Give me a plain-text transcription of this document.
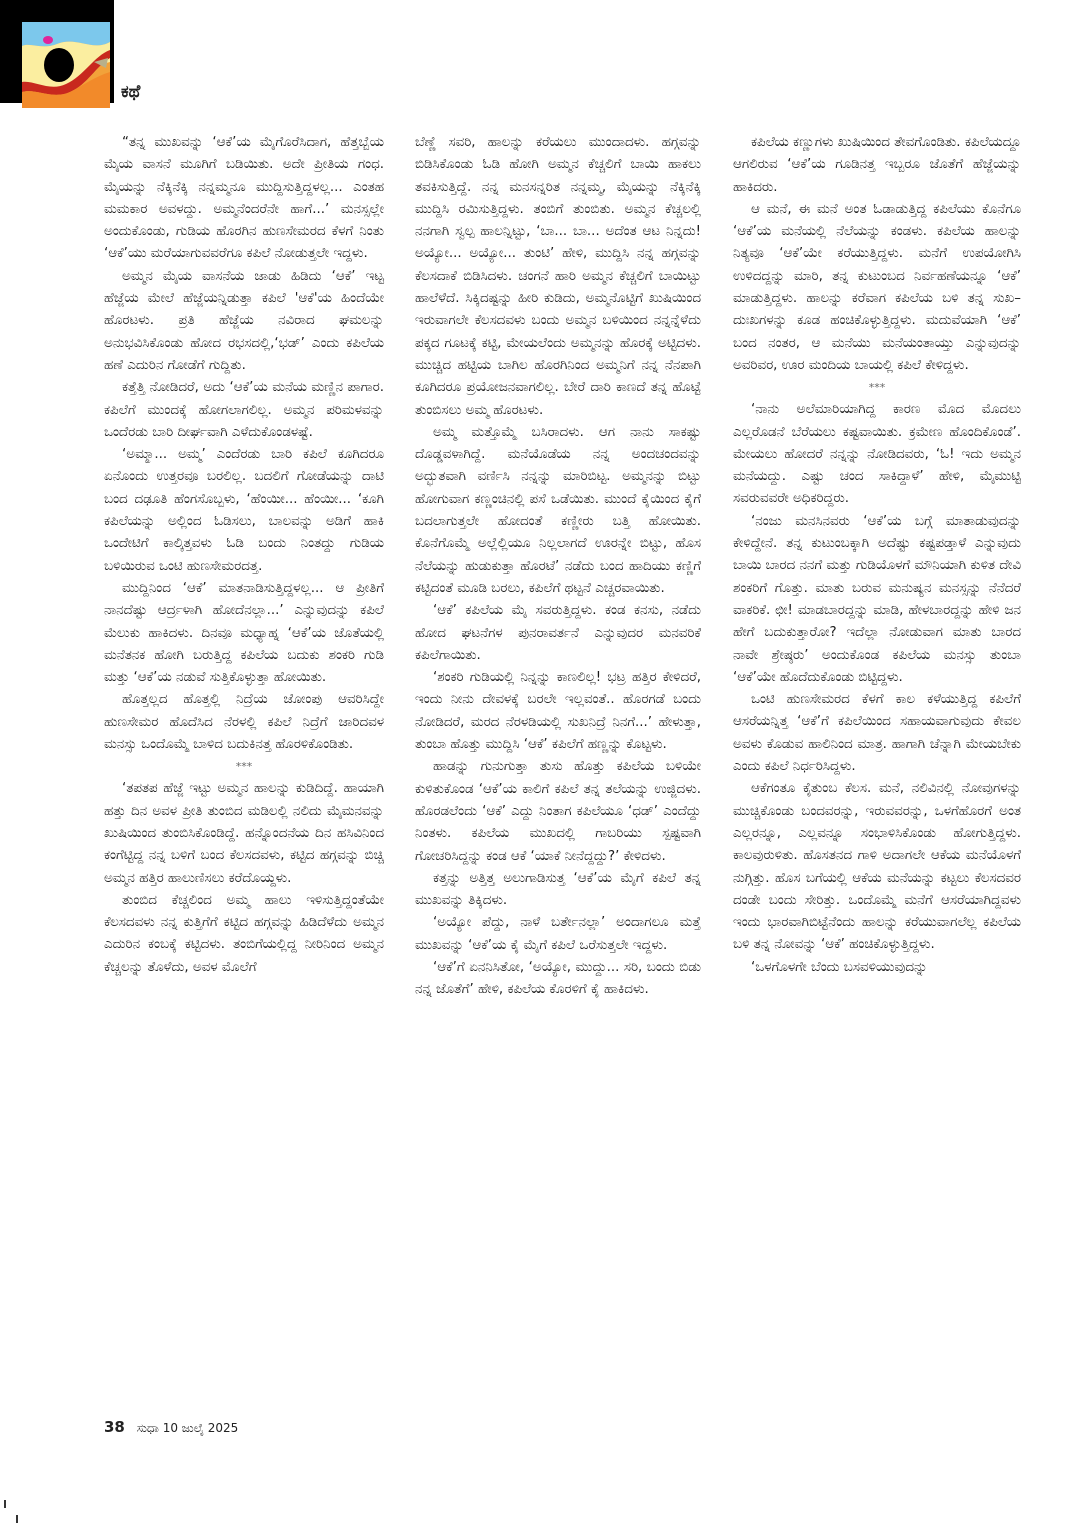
ಕಥೆ

“ತನ್ನ ಮುಖವನ್ನು ‘ಆಕೆ’ಯ ಮೈಗೊರೆಸಿದಾಗ, ಹೆತ್ತಬ್ಬೆಯ ಮೈಯ ವಾಸನೆ ಮೂಗಿಗೆ ಬಡಿಯಿತು. ಅದೇ ಪ್ರೀತಿಯ ಗಂಧ. ಮೈಯನ್ನು ನೆಕ್ಕಿನೆಕ್ಕಿ ನನ್ನಮ್ಮನೂ ಮುದ್ದಿಸುತ್ತಿದ್ದಳಲ್ಲ... ಎಂತಹ ಮಮಕಾರ ಅವಳದ್ದು. ಅಮ್ಮನೆಂದರೆನೇ ಹಾಗೆ...’ ಮನಸ್ಸಲ್ಲೇ ಅಂದುಕೊಂಡು, ಗುಡಿಯ ಹೊರಗಿನ ಹುಣಸೇಮರದ ಕೆಳಗೆ ನಿಂತು ‘ಆಕೆ’ಯು ಮರೆಯಾಗುವವರೆಗೂ ಕಪಿಲೆ ನೋಡುತ್ತಲೇ ಇದ್ದಳು.

ಅಮ್ಮನ ಮೈಯ ವಾಸನೆಯ ಜಾಡು ಹಿಡಿದು ‘ಆಕೆ’ ಇಟ್ಟ ಹೆಜ್ಜೆಯ ಮೇಲೆ ಹೆಜ್ಜೆಯನ್ನಿಡುತ್ತಾ ಕಪಿಲೆ 'ಆಕೆ'ಯ ಹಿಂದೆಯೇ ಹೊರಟಳು. ಪ್ರತಿ ಹೆಜ್ಜೆಯ ನವಿರಾದ ಘಮಲನ್ನು ಅನುಭವಿಸಿಕೊಂಡು ಹೋದ ರಭಸದಲ್ಲಿ,‘ಭಡ್’ ಎಂದು ಕಪಿಲೆಯ ಹಣೆ ಎದುರಿನ ಗೋಡೆಗೆ ಗುದ್ದಿತು.

ಕತ್ತೆತ್ತಿ ನೋಡಿದರೆ, ಅದು ‘ಆಕೆ’ಯ ಮನೆಯ ಮಣ್ಣಿನ ಪಾಗಾರ. ಕಪಿಲೆಗೆ ಮುಂದಕ್ಕೆ ಹೋಗಲಾಗಲಿಲ್ಲ. ಅಮ್ಮನ ಪರಿಮಳವನ್ನು ಒಂದೆರಡು ಬಾರಿ ದೀರ್ಘವಾಗಿ ಎಳೆದುಕೊಂಡಳಷ್ಟೆ.

‘ಅಮ್ಮಾ... ಅಮ್ಮ’ ಎಂದೆರಡು ಬಾರಿ ಕಪಿಲೆ ಕೂಗಿದರೂ ಏನೊಂದು ಉತ್ತರವೂ ಬರಲಿಲ್ಲ. ಬದಲಿಗೆ ಗೋಡೆಯನ್ನು ದಾಟಿ ಬಂದ ದಢೂತಿ ಹೆಂಗಸೊಬ್ಬಳು, ‘ಹೆಂಯೀ... ಹೆಂಯೀ... ‘ಕೂಗಿ ಕಪಿಲೆಯನ್ನು ಅಲ್ಲಿಂದ ಓಡಿಸಲು, ಬಾಲವನ್ನು ಅಡಿಗೆ ಹಾಕಿ ಒಂದೇಟಿಗೆ ಕಾಲ್ಕಿತ್ತವಳು ಓಡಿ ಬಂದು ನಿಂತದ್ದು ಗುಡಿಯ ಬಳಿಯಿರುವ ಒಂಟಿ ಹುಣಸೇಮರದತ್ತ.

ಮುದ್ದಿನಿಂದ ‘ಆಕೆ’ ಮಾತನಾಡಿಸುತ್ತಿದ್ದಳಲ್ಲ... ಆ ಪ್ರೀತಿಗೆ ನಾನದೆಷ್ಟು ಆರ್ದ್ರಳಾಗಿ ಹೋದೆನಲ್ಲಾ...’ ಎನ್ನುವುದನ್ನು ಕಪಿಲೆ ಮೆಲುಕು ಹಾಕಿದಳು. ದಿನವೂ ಮಧ್ಯಾಹ್ನ ‘ಆಕೆ’ಯ ಜೊತೆಯಲ್ಲಿ ಮನೆತನಕ ಹೋಗಿ ಬರುತ್ತಿದ್ದ ಕಪಿಲೆಯ ಬದುಕು ಶಂಕರಿ ಗುಡಿ ಮತ್ತು ‘ಆಕೆ’ಯ ನಡುವೆ ಸುತ್ತಿಕೊಳ್ಳುತ್ತಾ ಹೋಯಿತು.

ಹೊತ್ತಲ್ಲದ ಹೊತ್ತಲ್ಲಿ ನಿದ್ರೆಯ ಜೋಂಪು ಆವರಿಸಿದ್ದೇ ಹುಣಸೇಮರ ಹೊದೆಸಿದ ನೆರಳಲ್ಲಿ ಕಪಿಲೆ ನಿದ್ರೆಗೆ ಜಾರಿದವಳ ಮನಸ್ಸು ಒಂದೊಮ್ಮೆ ಬಾಳಿದ ಬದುಕಿನತ್ತ ಹೊರಳಿಕೊಂಡಿತು.

***

‘ತಪತಪ ಹೆಜ್ಜೆ ಇಟ್ಟು ಅಮ್ಮನ ಹಾಲನ್ನು ಕುಡಿದಿದ್ದೆ. ಹಾಯಾಗಿ ಹತ್ತು ದಿನ ಅವಳ ಪ್ರೀತಿ ತುಂಬಿದ ಮಡಿಲಲ್ಲಿ ನಲಿದು ಮೈಮನವನ್ನು ಖುಷಿಯಿಂದ ತುಂಬಿಸಿಕೊಂಡಿದ್ದೆ. ಹನ್ನೊಂದನೆಯ ದಿನ ಹಸಿವಿನಿಂದ ಕಂಗೆಟ್ಟಿದ್ದ ನನ್ನ ಬಳಿಗೆ ಬಂದ ಕೆಲಸದವಳು, ಕಟ್ಟಿದ ಹಗ್ಗವನ್ನು ಬಿಚ್ಚಿ ಅಮ್ಮನ ಹತ್ತಿರ ಹಾಲುಣಿಸಲು ಕರೆದೊಯ್ದಳು.

ತುಂಬಿದ ಕೆಚ್ಚಲಿಂದ ಅಮ್ಮ ಹಾಲು ಇಳಿಸುತ್ತಿದ್ದಂತೆಯೇ ಕೆಲಸದವಳು ನನ್ನ ಕುತ್ತಿಗೆಗೆ ಕಟ್ಟಿದ ಹಗ್ಗವನ್ನು ಹಿಡಿದೆಳೆದು ಅಮ್ಮನ ಎದುರಿನ ಕಂಬಕ್ಕೆ ಕಟ್ಟಿದಳು. ತಂಬಿಗೆಯಲ್ಲಿದ್ದ ನೀರಿನಿಂದ ಅಮ್ಮನ ಕೆಚ್ಚಲನ್ನು ತೊಳೆದು, ಅವಳ ಮೊಲೆಗೆ

ಬೆಣ್ಣೆ ಸವರಿ, ಹಾಲನ್ನು ಕರೆಯಲು ಮುಂದಾದಳು. ಹಗ್ಗವನ್ನು ಬಿಡಿಸಿಕೊಂಡು ಓಡಿ ಹೋಗಿ ಅಮ್ಮನ ಕೆಚ್ಚಲಿಗೆ ಬಾಯಿ ಹಾಕಲು ತವಕಿಸುತ್ತಿದ್ದೆ. ನನ್ನ ಮನಸನ್ನರಿತ ನನ್ನಮ್ಮ, ಮೈಯನ್ನು ನೆಕ್ಕಿನೆಕ್ಕಿ ಮುದ್ದಿಸಿ ರಮಿಸುತ್ತಿದ್ದಳು. ತಂಬಿಗೆ ತುಂಬಿತು. ಅಮ್ಮನ ಕೆಚ್ಚಲಲ್ಲಿ ನನಗಾಗಿ ಸ್ವಲ್ಪ ಹಾಲನ್ನಿಟ್ಟು, ‘ಬಾ... ಬಾ... ಅದೆಂತ ಆಟ ನಿನ್ನದು! ಅಯ್ಯೋ... ಅಯ್ಯೋ... ತುಂಟಿ’ ಹೇಳಿ, ಮುದ್ದಿಸಿ ನನ್ನ ಹಗ್ಗವನ್ನು ಕೆಲಸದಾಕೆ ಬಿಡಿಸಿದಳು. ಚಂಗನೆ ಹಾರಿ ಅಮ್ಮನ ಕೆಚ್ಚಲಿಗೆ ಬಾಯಿಟ್ಟು ಹಾಲೆಳೆದೆ. ಸಿಕ್ಕಿದಷ್ಟನ್ನು ಹೀರಿ ಕುಡಿದು, ಅಮ್ಮನೊಟ್ಟಿಗೆ ಖುಷಿಯಿಂದ ಇರುವಾಗಲೇ ಕೆಲಸದವಳು ಬಂದು ಅಮ್ಮನ ಬಳಿಯಿಂದ ನನ್ನನ್ನೆಳೆದು ಪಕ್ಕದ ಗೂಟಕ್ಕೆ ಕಟ್ಟಿ, ಮೇಯಲೆಂದು ಅಮ್ಮನನ್ನು ಹೊರಕ್ಕೆ ಅಟ್ಟಿದಳು. ಮುಚ್ಚಿದ ಹಟ್ಟಿಯ ಬಾಗಿಲ ಹೊರಗಿನಿಂದ ಅಮ್ಮನಿಗೆ ನನ್ನ ನೆನಪಾಗಿ ಕೂಗಿದರೂ ಪ್ರಯೋಜನವಾಗಲಿಲ್ಲ. ಬೇರೆ ದಾರಿ ಕಾಣದೆ ತನ್ನ ಹೊಟ್ಟೆ ತುಂಬಿಸಲು ಅಮ್ಮ ಹೊರಟಳು.

ಅಮ್ಮ ಮತ್ತೊಮ್ಮೆ ಬಸಿರಾದಳು. ಆಗ ನಾನು ಸಾಕಷ್ಟು ದೊಡ್ಡವಳಾಗಿದ್ದೆ. ಮನೆಯೊಡೆಯ ನನ್ನ ಅಂದಚಂದವನ್ನು ಅದ್ಭುತವಾಗಿ ವರ್ಣಿಸಿ ನನ್ನನ್ನು ಮಾರಿಬಿಟ್ಟ. ಅಮ್ಮನನ್ನು ಬಿಟ್ಟು ಹೋಗುವಾಗ ಕಣ್ಣಂಚಿನಲ್ಲಿ ಪಸೆ ಒಡೆಯಿತು. ಮುಂದೆ ಕೈಯಿಂದ ಕೈಗೆ ಬದಲಾಗುತ್ತಲೇ ಹೋದಂತೆ ಕಣ್ಣೀರು ಬತ್ತಿ ಹೋಯಿತು. ಕೊನೆಗೊಮ್ಮೆ ಅಲ್ಲೆಲ್ಲಿಯೂ ನಿಲ್ಲಲಾಗದೆ ಊರನ್ನೇ ಬಿಟ್ಟು, ಹೊಸ ನೆಲೆಯನ್ನು ಹುಡುಕುತ್ತಾ ಹೊರಟೆ’ ನಡೆದು ಬಂದ ಹಾದಿಯು ಕಣ್ಣಿಗೆ ಕಟ್ಟಿದಂತೆ ಮೂಡಿ ಬರಲು, ಕಪಿಲೆಗೆ ಥಟ್ಟನೆ ಎಚ್ಚರವಾಯಿತು.

‘ಆಕೆ’ ಕಪಿಲೆಯ ಮೈ ಸವರುತ್ತಿದ್ದಳು. ಕಂಡ ಕನಸು, ನಡೆದು ಹೋದ ಘಟನೆಗಳ ಪುನರಾವರ್ತನೆ ಎನ್ನುವುದರ ಮನವರಿಕೆ ಕಪಿಲೆಗಾಯಿತು.

‘ಶಂಕರಿ ಗುಡಿಯಲ್ಲಿ ನಿನ್ನನ್ನು ಕಾಣಲಿಲ್ಲ! ಭಟ್ರ ಹತ್ತಿರ ಕೇಳಿದರೆ, ಇಂದು ನೀನು ದೇವಳಕ್ಕೆ ಬರಲೇ ಇಲ್ಲವಂತೆ.. ಹೊರಗಡೆ ಬಂದು ನೋಡಿದರೆ, ಮರದ ನೆರಳಡಿಯಲ್ಲಿ ಸುಖನಿದ್ರೆ ನಿನಗೆ...’ ಹೇಳುತ್ತಾ, ತುಂಬಾ ಹೊತ್ತು ಮುದ್ದಿಸಿ ‘ಆಕೆ’ ಕಪಿಲೆಗೆ ಹಣ್ಣನ್ನು ಕೊಟ್ಟಳು.

ಹಾಡನ್ನು ಗುನುಗುತ್ತಾ ತುಸು ಹೊತ್ತು ಕಪಿಲೆಯ ಬಳಿಯೇ ಕುಳಿತುಕೊಂಡ ‘ಆಕೆ’ಯ ಕಾಲಿಗೆ ಕಪಿಲೆ ತನ್ನ ತಲೆಯನ್ನು ಉಜ್ಜಿದಳು. ಹೊರಡಲೆಂದು ‘ಆಕೆ’ ಎದ್ದು ನಿಂತಾಗ ಕಪಿಲೆಯೂ ‘ಧಡ್’ ಎಂದೆದ್ದು ನಿಂತಳು. ಕಪಿಲೆಯ ಮುಖದಲ್ಲಿ ಗಾಬರಿಯು ಸ್ಪಷ್ಟವಾಗಿ ಗೋಚರಿಸಿದ್ದನ್ನು ಕಂಡ ಆಕೆ ‘ಯಾಕೆ ನೀನೆದ್ದದ್ದು?’ ಕೇಳಿದಳು.

ಕತ್ತನ್ನು ಅತ್ತಿತ್ತ ಅಲುಗಾಡಿಸುತ್ತ ‘ಆಕೆ’ಯ ಮೈಗೆ ಕಪಿಲೆ ತನ್ನ ಮುಖವನ್ನು ತಿಕ್ಕಿದಳು.

‘ಅಯ್ಯೋ ಪೆದ್ದು, ನಾಳೆ ಬರ್ತೇನಲ್ಲಾ’ ಅಂದಾಗಲೂ ಮತ್ತೆ ಮುಖವನ್ನು ‘ಆಕೆ’ಯ ಕೈ ಮೈಗೆ ಕಪಿಲೆ ಒರೆಸುತ್ತಲೇ ಇದ್ದಳು.

‘ಆಕೆ’ಗೆ ಏನನಿಸಿತೋ, ‘ಅಯ್ಯೋ, ಮುದ್ದು... ಸರಿ, ಬಂದು ಬಿಡು ನನ್ನ ಜೊತೆಗೆ’ ಹೇಳಿ, ಕಪಿಲೆಯ ಕೊರಳಿಗೆ ಕೈ ಹಾಕಿದಳು.

ಕಪಿಲೆಯ ಕಣ್ಣುಗಳು ಖುಷಿಯಿಂದ ತೇವಗೊಂಡಿತು. ಕಪಿಲೆಯದ್ದೂ ಆಗಲಿರುವ ‘ಆಕೆ’ಯ ಗೂಡಿನತ್ತ ಇಬ್ಬರೂ ಜೊತೆಗೆ ಹೆಜ್ಜೆಯನ್ನು ಹಾಕಿದರು.

ಆ ಮನೆ, ಈ ಮನೆ ಅಂತ ಓಡಾಡುತ್ತಿದ್ದ ಕಪಿಲೆಯು ಕೊನೆಗೂ ‘ಆಕೆ’ಯ ಮನೆಯಲ್ಲಿ ನೆಲೆಯನ್ನು ಕಂಡಳು. ಕಪಿಲೆಯ ಹಾಲನ್ನು ನಿತ್ಯವೂ ‘ಆಕೆ’ಯೇ ಕರೆಯುತ್ತಿದ್ದಳು. ಮನೆಗೆ ಉಪಯೋಗಿಸಿ ಉಳಿದದ್ದನ್ನು ಮಾರಿ, ತನ್ನ ಕುಟುಂಬದ ನಿರ್ವಹಣೆಯನ್ನೂ ‘ಆಕೆ’ ಮಾಡುತ್ತಿದ್ದಳು. ಹಾಲನ್ನು ಕರೆವಾಗ ಕಪಿಲೆಯ ಬಳಿ ತನ್ನ ಸುಖ–ದುಃಖಗಳನ್ನು ಕೂಡ ಹಂಚಿಕೊಳ್ಳುತ್ತಿದ್ದಳು. ಮದುವೆಯಾಗಿ ‘ಆಕೆ’ ಬಂದ ನಂತರ, ಆ ಮನೆಯು ಮನೆಯಂತಾಯ್ತು ಎನ್ನುವುದನ್ನು ಅವರಿವರ, ಊರ ಮಂದಿಯ ಬಾಯಲ್ಲಿ ಕಪಿಲೆ ಕೇಳಿದ್ದಳು.

***

‘ನಾನು ಅಲೆಮಾರಿಯಾಗಿದ್ದ ಕಾರಣ ಮೊದ ಮೊದಲು ಎಲ್ಲರೊಡನೆ ಬೆರೆಯಲು ಕಷ್ಟವಾಯಿತು. ಕ್ರಮೇಣ ಹೊಂದಿಕೊಂಡೆ’. ಮೇಯಲು ಹೋದರೆ ನನ್ನನ್ನು ನೋಡಿದವರು, ‘ಓ! ಇದು ಅಮ್ಮನ ಮನೆಯದ್ದು. ಎಷ್ಟು ಚಂದ ಸಾಕಿದ್ದಾಳೆ’ ಹೇಳಿ, ಮೈಮುಟ್ಟಿ ಸವರುವವರೇ ಅಧಿಕರಿದ್ದರು.

‘ನಂಜು ಮನಸಿನವರು ‘ಆಕೆ’ಯ ಬಗ್ಗೆ ಮಾತಾಡುವುದನ್ನು ಕೇಳಿದ್ದೇನೆ. ತನ್ನ ಕುಟುಂಬಕ್ಕಾಗಿ ಅದೆಷ್ಟು ಕಷ್ಟಪಡ್ತಾಳೆ ಎನ್ನುವುದು ಬಾಯಿ ಬಾರದ ನನಗೆ ಮತ್ತು ಗುಡಿಯೊಳಗೆ ಮೌನಿಯಾಗಿ ಕುಳಿತ ದೇವಿ ಶಂಕರಿಗೆ ಗೊತ್ತು. ಮಾತು ಬರುವ ಮನುಷ್ಯನ ಮನಸ್ಸನ್ನು ನೆನೆದರೆ ವಾಕರಿಕೆ. ಛೀ! ಮಾಡಬಾರದ್ದನ್ನು ಮಾಡಿ, ಹೇಳಬಾರದ್ದನ್ನು ಹೇಳಿ ಜನ ಹೇಗೆ ಬದುಕುತ್ತಾರೋ? ಇದೆಲ್ಲಾ ನೋಡುವಾಗ ಮಾತು ಬಾರದ ನಾವೇ ಶ್ರೇಷ್ಠರು’ ಅಂದುಕೊಂಡ ಕಪಿಲೆಯ ಮನಸ್ಸು ತುಂಬಾ ‘ಆಕೆ’ಯೇ ಹೊದೆದುಕೊಂಡು ಬಿಟ್ಟಿದ್ದಳು.

ಒಂಟಿ ಹುಣಸೇಮರದ ಕೆಳಗೆ ಕಾಲ ಕಳೆಯುತ್ತಿದ್ದ ಕಪಿಲೆಗೆ ಆಸರೆಯನ್ನಿತ್ತ ‘ಆಕೆ’ಗೆ ಕಪಿಲೆಯಿಂದ ಸಹಾಯವಾಗುವುದು ಕೇವಲ ಅವಳು ಕೊಡುವ ಹಾಲಿನಿಂದ ಮಾತ್ರ. ಹಾಗಾಗಿ ಚೆನ್ನಾಗಿ ಮೇಯಬೇಕು ಎಂದು ಕಪಿಲೆ ನಿರ್ಧರಿಸಿದ್ದಳು.

ಆಕೆಗಂತೂ ಕೈತುಂಬ ಕೆಲಸ. ಮನೆ, ನಲಿವಿನಲ್ಲಿ ನೋವುಗಳನ್ನು ಮುಚ್ಚಿಕೊಂಡು ಬಂದವರನ್ನು, ಇರುವವರನ್ನು, ಒಳಗೆಹೊರಗೆ ಅಂತ ಎಲ್ಲರನ್ನೂ, ಎಲ್ಲವನ್ನೂ ಸಂಭಾಳಿಸಿಕೊಂಡು ಹೋಗುತ್ತಿದ್ದಳು. ಕಾಲವುರುಳಿತು. ಹೊಸತನದ ಗಾಳಿ ಅದಾಗಲೇ ಆಕೆಯ ಮನೆಯೊಳಗೆ ನುಗ್ಗಿತ್ತು. ಹೊಸ ಬಗೆಯಲ್ಲಿ ಆಕೆಯ ಮನೆಯನ್ನು ಕಟ್ಟಲು ಕೆಲಸದವರ ದಂಡೇ ಬಂದು ಸೇರಿತ್ತು. ಒಂದೊಮ್ಮೆ ಮನೆಗೆ ಆಸರೆಯಾಗಿದ್ದವಳು ಇಂದು ಭಾರವಾಗಿಬಿಟ್ಟೆನೆಂದು ಹಾಲನ್ನು ಕರೆಯುವಾಗಲೆಲ್ಲ ಕಪಿಲೆಯ ಬಳಿ ತನ್ನ ನೋವನ್ನು ‘ಆಕೆ’ ಹಂಚಿಕೊಳ್ಳುತ್ತಿದ್ದಳು.

‘ಒಳಗೊಳಗೇ ಬೆಂದು ಬಸವಳಿಯುವುದನ್ನು

38 ಸುಧಾ 10 ಜುಲೈ 2025
